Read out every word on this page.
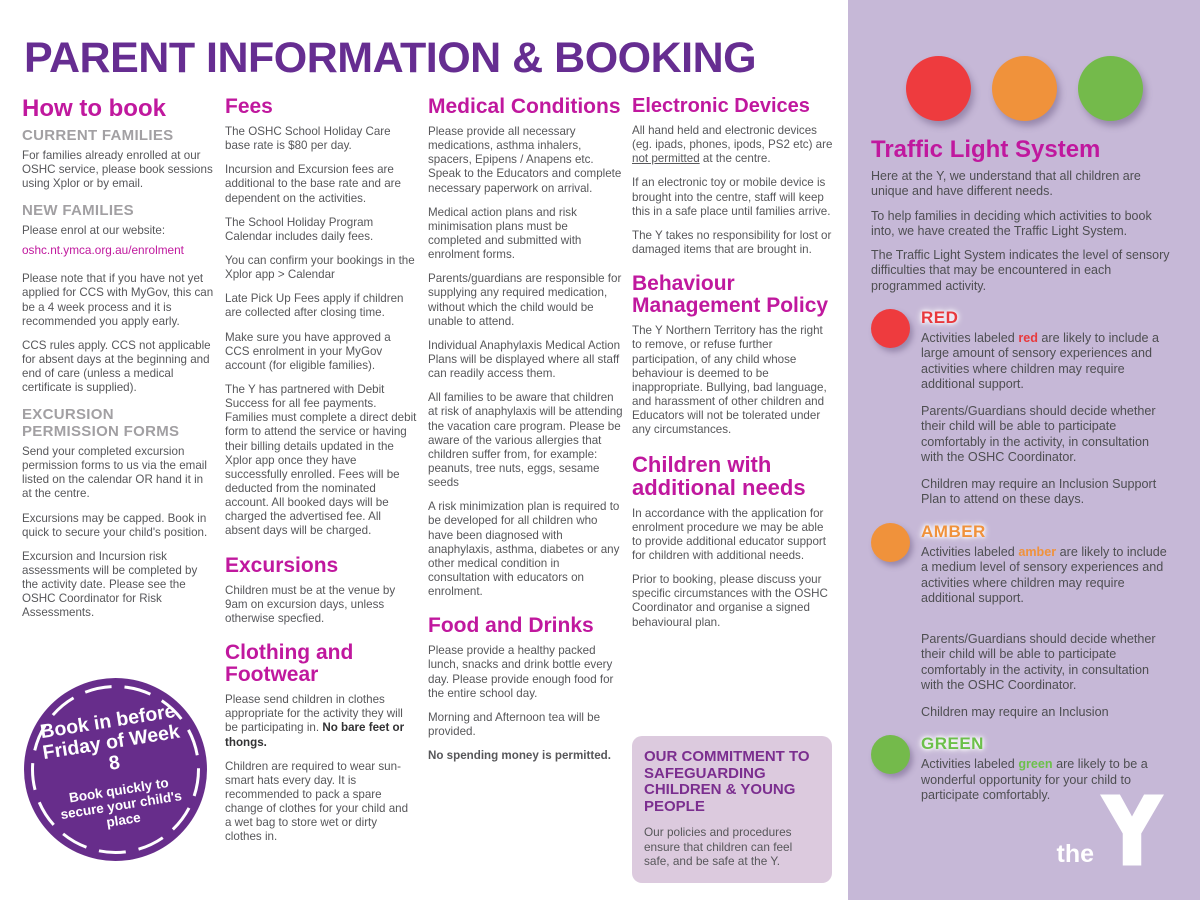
PARENT INFORMATION & BOOKING
How to book
CURRENT FAMILIES

For families already enrolled at our OSHC service, please book sessions using Xplor or by email.

NEW FAMILIES

Please enrol at our website:

oshc.nt.ymca.org.au/enrolment

Please note that if you have not yet applied for CCS with MyGov, this can be a 4 week process and it is recommended you apply early.

CCS rules apply. CCS not applicable for absent days at the beginning and end of care (unless a medical certificate is supplied).

EXCURSION PERMISSION FORMS

Send your completed excursion permission forms to us via the email listed on the calendar OR hand it in at the centre.

Excursions may be capped. Book in quick to secure your child's position.

Excursion and Incursion risk assessments will be completed by the activity date. Please see the OSHC Coordinator for Risk Assessments.

Book in before Friday of Week 8
Book quickly to secure your child's place
Fees

The OSHC School Holiday Care base rate is $80 per day.

Incursion and Excursion fees are additional to the base rate and are dependent on the activities.

The School Holiday Program Calendar includes daily fees.

You can confirm your bookings in the Xplor app > Calendar

Late Pick Up Fees apply if children are collected after closing time.

Make sure you have approved a CCS enrolment in your MyGov account (for eligible families).

The Y has partnered with Debit Success for all fee payments. Families must complete a direct debit form to attend the service or having their billing details updated in the Xplor app once they have successfully enrolled. Fees will be deducted from the nominated account. All booked days will be charged the advertised fee. All absent days will be charged.

Excursions

Children must be at the venue by 9am on excursion days, unless otherwise specfied.

Clothing and Footwear

Please send children in clothes appropriate for the activity they will be participating in. No bare feet or thongs.

Children are required to wear sun-smart hats every day. It is recommended to pack a spare change of clothes for your child and a wet bag to store wet or dirty clothes in.

Medical Conditions

Please provide all necessary medications, asthma inhalers, spacers, Epipens / Anapens etc. Speak to the Educators and complete necessary paperwork on arrival.

Medical action plans and risk minimisation plans must be completed and submitted with enrolment forms.

Parents/guardians are responsible for supplying any required medication, without which the child would be unable to attend.

Individual Anaphylaxis Medical Action Plans will be displayed where all staff can readily access them.

All families to be aware that children at risk of anaphylaxis will be attending the vacation care program. Please be aware of the various allergies that children suffer from, for example: peanuts, tree nuts, eggs, sesame seeds

A risk minimization plan is required to be developed for all children who have been diagnosed with anaphylaxis, asthma, diabetes or any other medical condition in consultation with educators on enrolment.

Food and Drinks

Please provide a healthy packed lunch, snacks and drink bottle every day. Please provide enough food for the entire school day.

Morning and Afternoon tea will be provided.

No spending money is permitted.

Electronic Devices

All hand held and electronic devices (eg. ipads, phones, ipods, PS2 etc) are not permitted at the centre.

If an electronic toy or mobile device is brought into the centre, staff will keep this in a safe place until families arrive.

The Y takes no responsibility for lost or damaged items that are brought in.

Behaviour Management Policy

The Y Northern Territory has the right to remove, or refuse further participation, of any child whose behaviour is deemed to be inappropriate. Bullying, bad language, and harassment of other children and Educators will not be tolerated under any circumstances.

Children with additional needs

In accordance with the application for enrolment procedure we may be able to provide additional educator support for children with additional needs.

Prior to booking, please discuss your specific circumstances with the OSHC Coordinator and organise a signed behavioural plan.

OUR COMMITMENT TO SAFEGUARDING CHILDREN & YOUNG PEOPLE

Our policies and procedures ensure that children can feel safe, and be safe at the Y.

Traffic Light System

Here at the Y, we understand that all children are unique and have different needs.

To help families in deciding which activities to book into, we have created the Traffic Light System.

The Traffic Light System indicates the level of sensory difficulties that may be encountered in each programmed activity.

RED

Activities labeled red are likely to include a large amount of sensory experiences and activities where children may require additional support.

Parents/Guardians should decide whether their child will be able to participate comfortably in the activity, in consultation with the OSHC Coordinator.

Children may require an Inclusion Support Plan to attend on these days.

AMBER

Activities labeled amber are likely to include a medium level of sensory experiences and activities where children may require additional support.

Parents/Guardians should decide whether their child will be able to participate comfortably in the activity, in consultation with the OSHC Coordinator.

Children may require an Inclusion

GREEN

Activities labeled green are likely to be a wonderful opportunity for your child to participate comfortably.

the
